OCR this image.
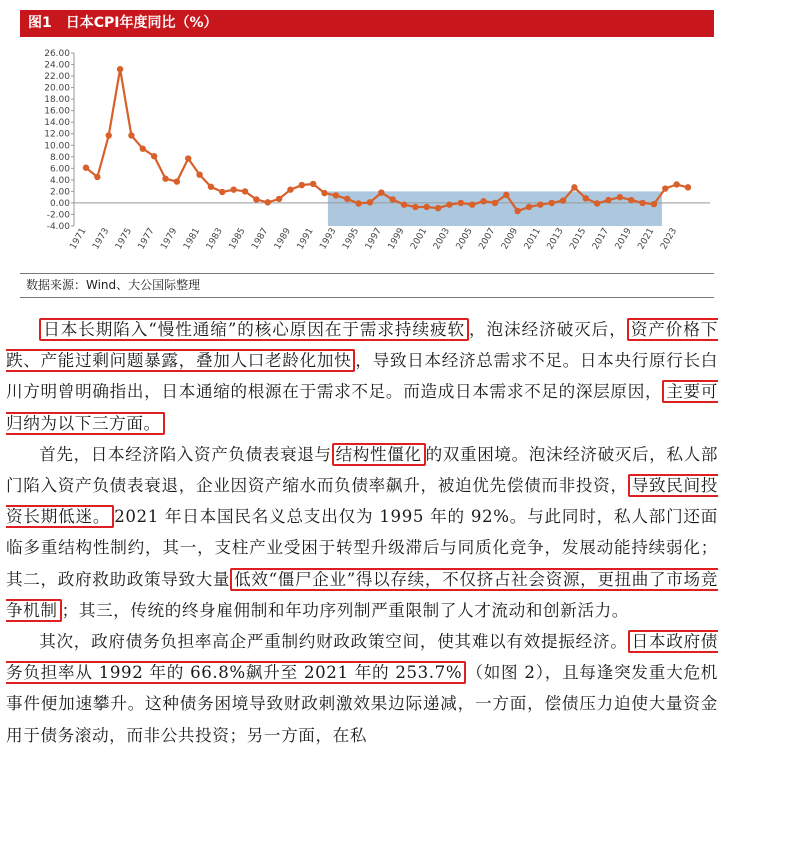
图1 日本CPI年度同比（%）
26.00
24.00
22.00
20.00
18.00
16.00
14.00
12.00
10.00
8.00
6.00
4.00
2.00
0.00
-2.00
-4.00
1971 1973 1975 1977 1979 1981 1983 1985 1987 1989 1991 1993 1995 1997 1999 2001 2003 2005 2007 2009 2011 2013 2015 2017 2019 2021 2023
数据来源：Wind、大公国际整理

日本长期陷入“慢性通缩”的核心原因在于需求持续疲软 ，泡沫经济破灭后， 资产价格下跌、产能过剩问题暴露，叠加人口老龄化加快 ，导致日本经济总需求不足。日本央行原行长白川方明曾明确指出，日本通缩的根源在于需求不足。而造成日本需求不足的深层原因， 主要可归纳为以下三方面。

首先，日本经济陷入资产负债表衰退与 结构性僵化 的双重困境。泡沫经济破灭后，私人部门陷入资产负债表衰退，企业因资产缩水而负债率飙升，被迫优先偿债而非投资， 导致民间投资长期低迷。 2021 年日本国民名义总支出仅为 1995 年的 92%。与此同时，私人部门还面临多重结构性制约，其一，支柱产业受困于转型升级滞后与同质化竞争，发展动能持续弱化；其二，政府救助政策导致大量 低效“僵尸企业”得以存续，不仅挤占社会资源，更扭曲了市场竞争机制 ；其三，传统的终身雇佣制和年功序列制严重限制了人才流动和创新活力。

其次，政府债务负担率高企严重制约财政政策空间，使其难以有效提振经济。 日本政府债务负担率从 1992 年的 66.8%飙升至 2021 年的 253.7% （如图 2），且每逢突发重大危机事件便加速攀升。这种债务困境导致财政刺激效果边际递减，一方面，偿债压力迫使大量资金用于债务滚动，而非公共投资；另一方面，在私
